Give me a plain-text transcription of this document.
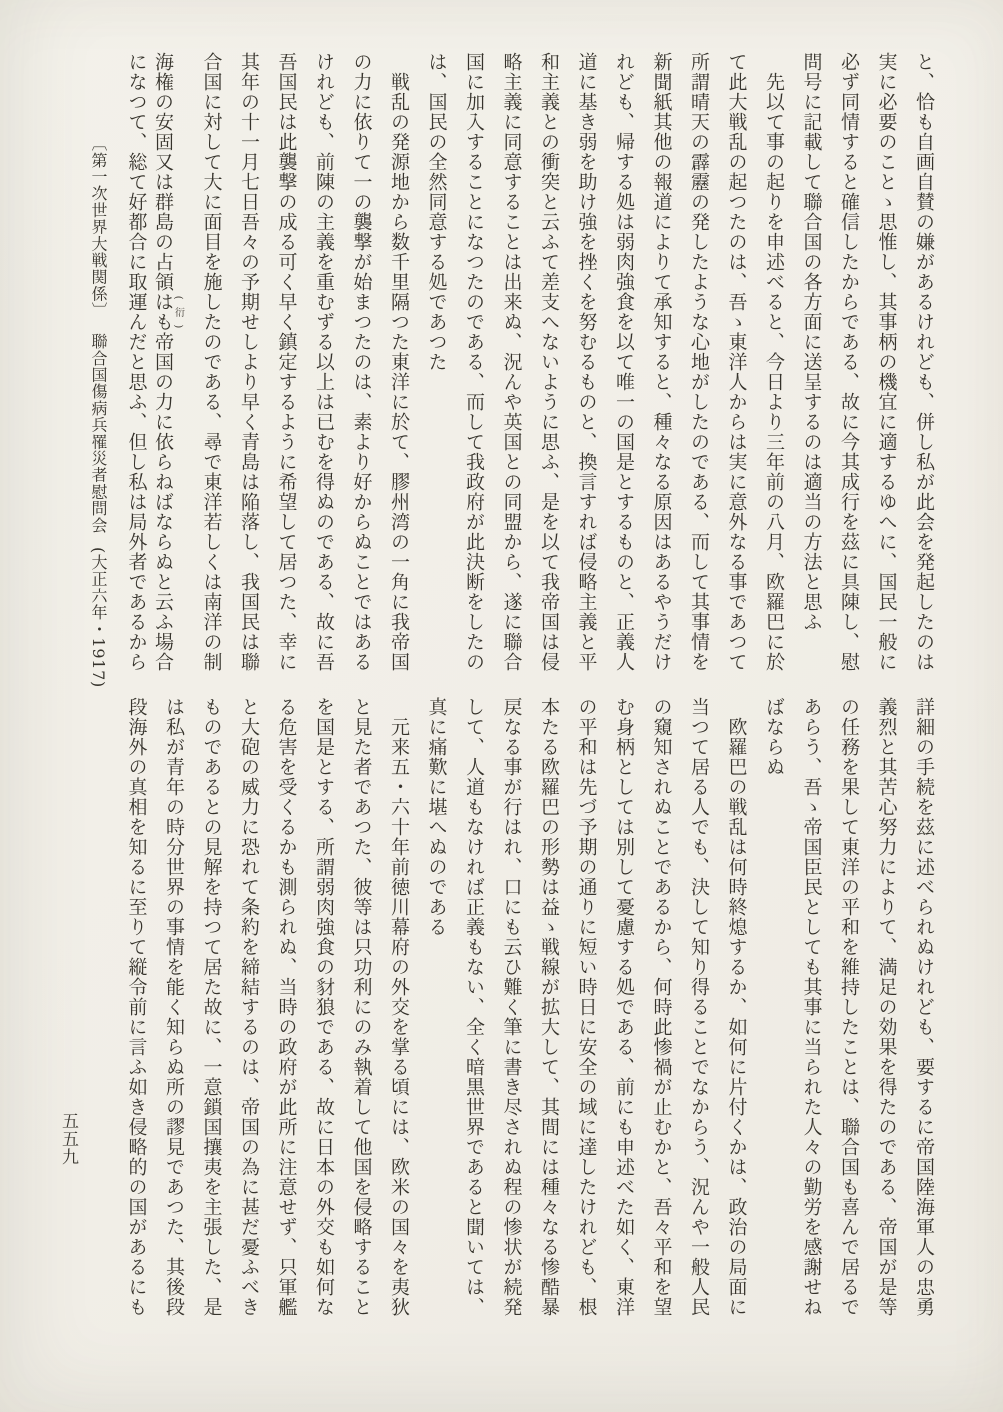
と、恰も自画自賛の嫌があるけれども、併し私が此会を発起したのは
実に必要のことゝ思惟し、其事柄の機宜に適するゆへに、国民一般に
必ず同情すると確信したからである、故に今其成行を茲に具陳し、慰
問号に記載して聯合国の各方面に送呈するのは適当の方法と思ふ
先以て事の起りを申述べると、今日より三年前の八月、欧羅巴に於
て此大戦乱の起つたのは、吾ゝ東洋人からは実に意外なる事であつて
所謂晴天の霹靂の発したような心地がしたのである、而して其事情を
新聞紙其他の報道によりて承知すると、種々なる原因はあるやうだけ
れども、帰する処は弱肉強食を以て唯一の国是とするものと、正義人
道に基き弱を助け強を挫くを努むるものと、換言すれば侵略主義と平
和主義との衝突と云ふて差支へないように思ふ、是を以て我帝国は侵
略主義に同意することは出来ぬ、況んや英国との同盟から、遂に聯合
国に加入することになつたのである、而して我政府が此決断をしたの
は、国民の全然同意する処であつた
戦乱の発源地から数千里隔つた東洋に於て、膠州湾の一角に我帝国
の力に依りて一の襲撃が始まつたのは、素より好からぬことではある
けれども、前陳の主義を重むずる以上は已むを得ぬのである、故に吾
吾国民は此襲撃の成る可く早く鎮定するように希望して居つた、幸に
其年の十一月七日吾々の予期せしより早く青島は陥落し、我国民は聯
合国に対して大に面目を施したのである、尋で東洋若しくは南洋の制
海権の安固又は群島の占領はも(衍)帝国の力に依らねばならぬと云ふ場合
になつて、総て好都合に取運んだと思ふ、但し私は局外者であるから
〔第一次世界大戦関係〕聯合国傷病兵罹災者慰問会(大正六年・1917)
詳細の手続を茲に述べられぬけれども、要するに帝国陸海軍人の忠勇
義烈と其苦心努力によりて、満足の効果を得たのである、帝国が是等
の任務を果して東洋の平和を維持したことは、聯合国も喜んで居るで
あらう、吾ゝ帝国臣民としても其事に当られた人々の勤労を感謝せね
ばならぬ
欧羅巴の戦乱は何時終熄するか、如何に片付くかは、政治の局面に
当つて居る人でも、決して知り得ることでなからう、況んや一般人民
の窺知されぬことであるから、何時此惨禍が止むかと、吾々平和を望
む身柄としては別して憂慮する処である、前にも申述べた如く、東洋
の平和は先づ予期の通りに短い時日に安全の域に達したけれども、根
本たる欧羅巴の形勢は益ゝ戦線が拡大して、其間には種々なる惨酷暴
戻なる事が行はれ、口にも云ひ難く筆に書き尽されぬ程の惨状が続発
して、人道もなければ正義もない、全く暗黒世界であると聞いては、
真に痛歎に堪へぬのである
元来五・六十年前徳川幕府の外交を掌る頃には、欧米の国々を夷狄
と見た者であつた、彼等は只功利にのみ執着して他国を侵略すること
を国是とする、所謂弱肉強食の豺狼である、故に日本の外交も如何な
る危害を受くるかも測られぬ、当時の政府が此所に注意せず、只軍艦
と大砲の威力に恐れて条約を締結するのは、帝国の為に甚だ憂ふべき
ものであるとの見解を持つて居た故に、一意鎖国攘夷を主張した、是
は私が青年の時分世界の事情を能く知らぬ所の謬見であつた、其後段
段海外の真相を知るに至りて縦令前に言ふ如き侵略的の国があるにも
五五九
